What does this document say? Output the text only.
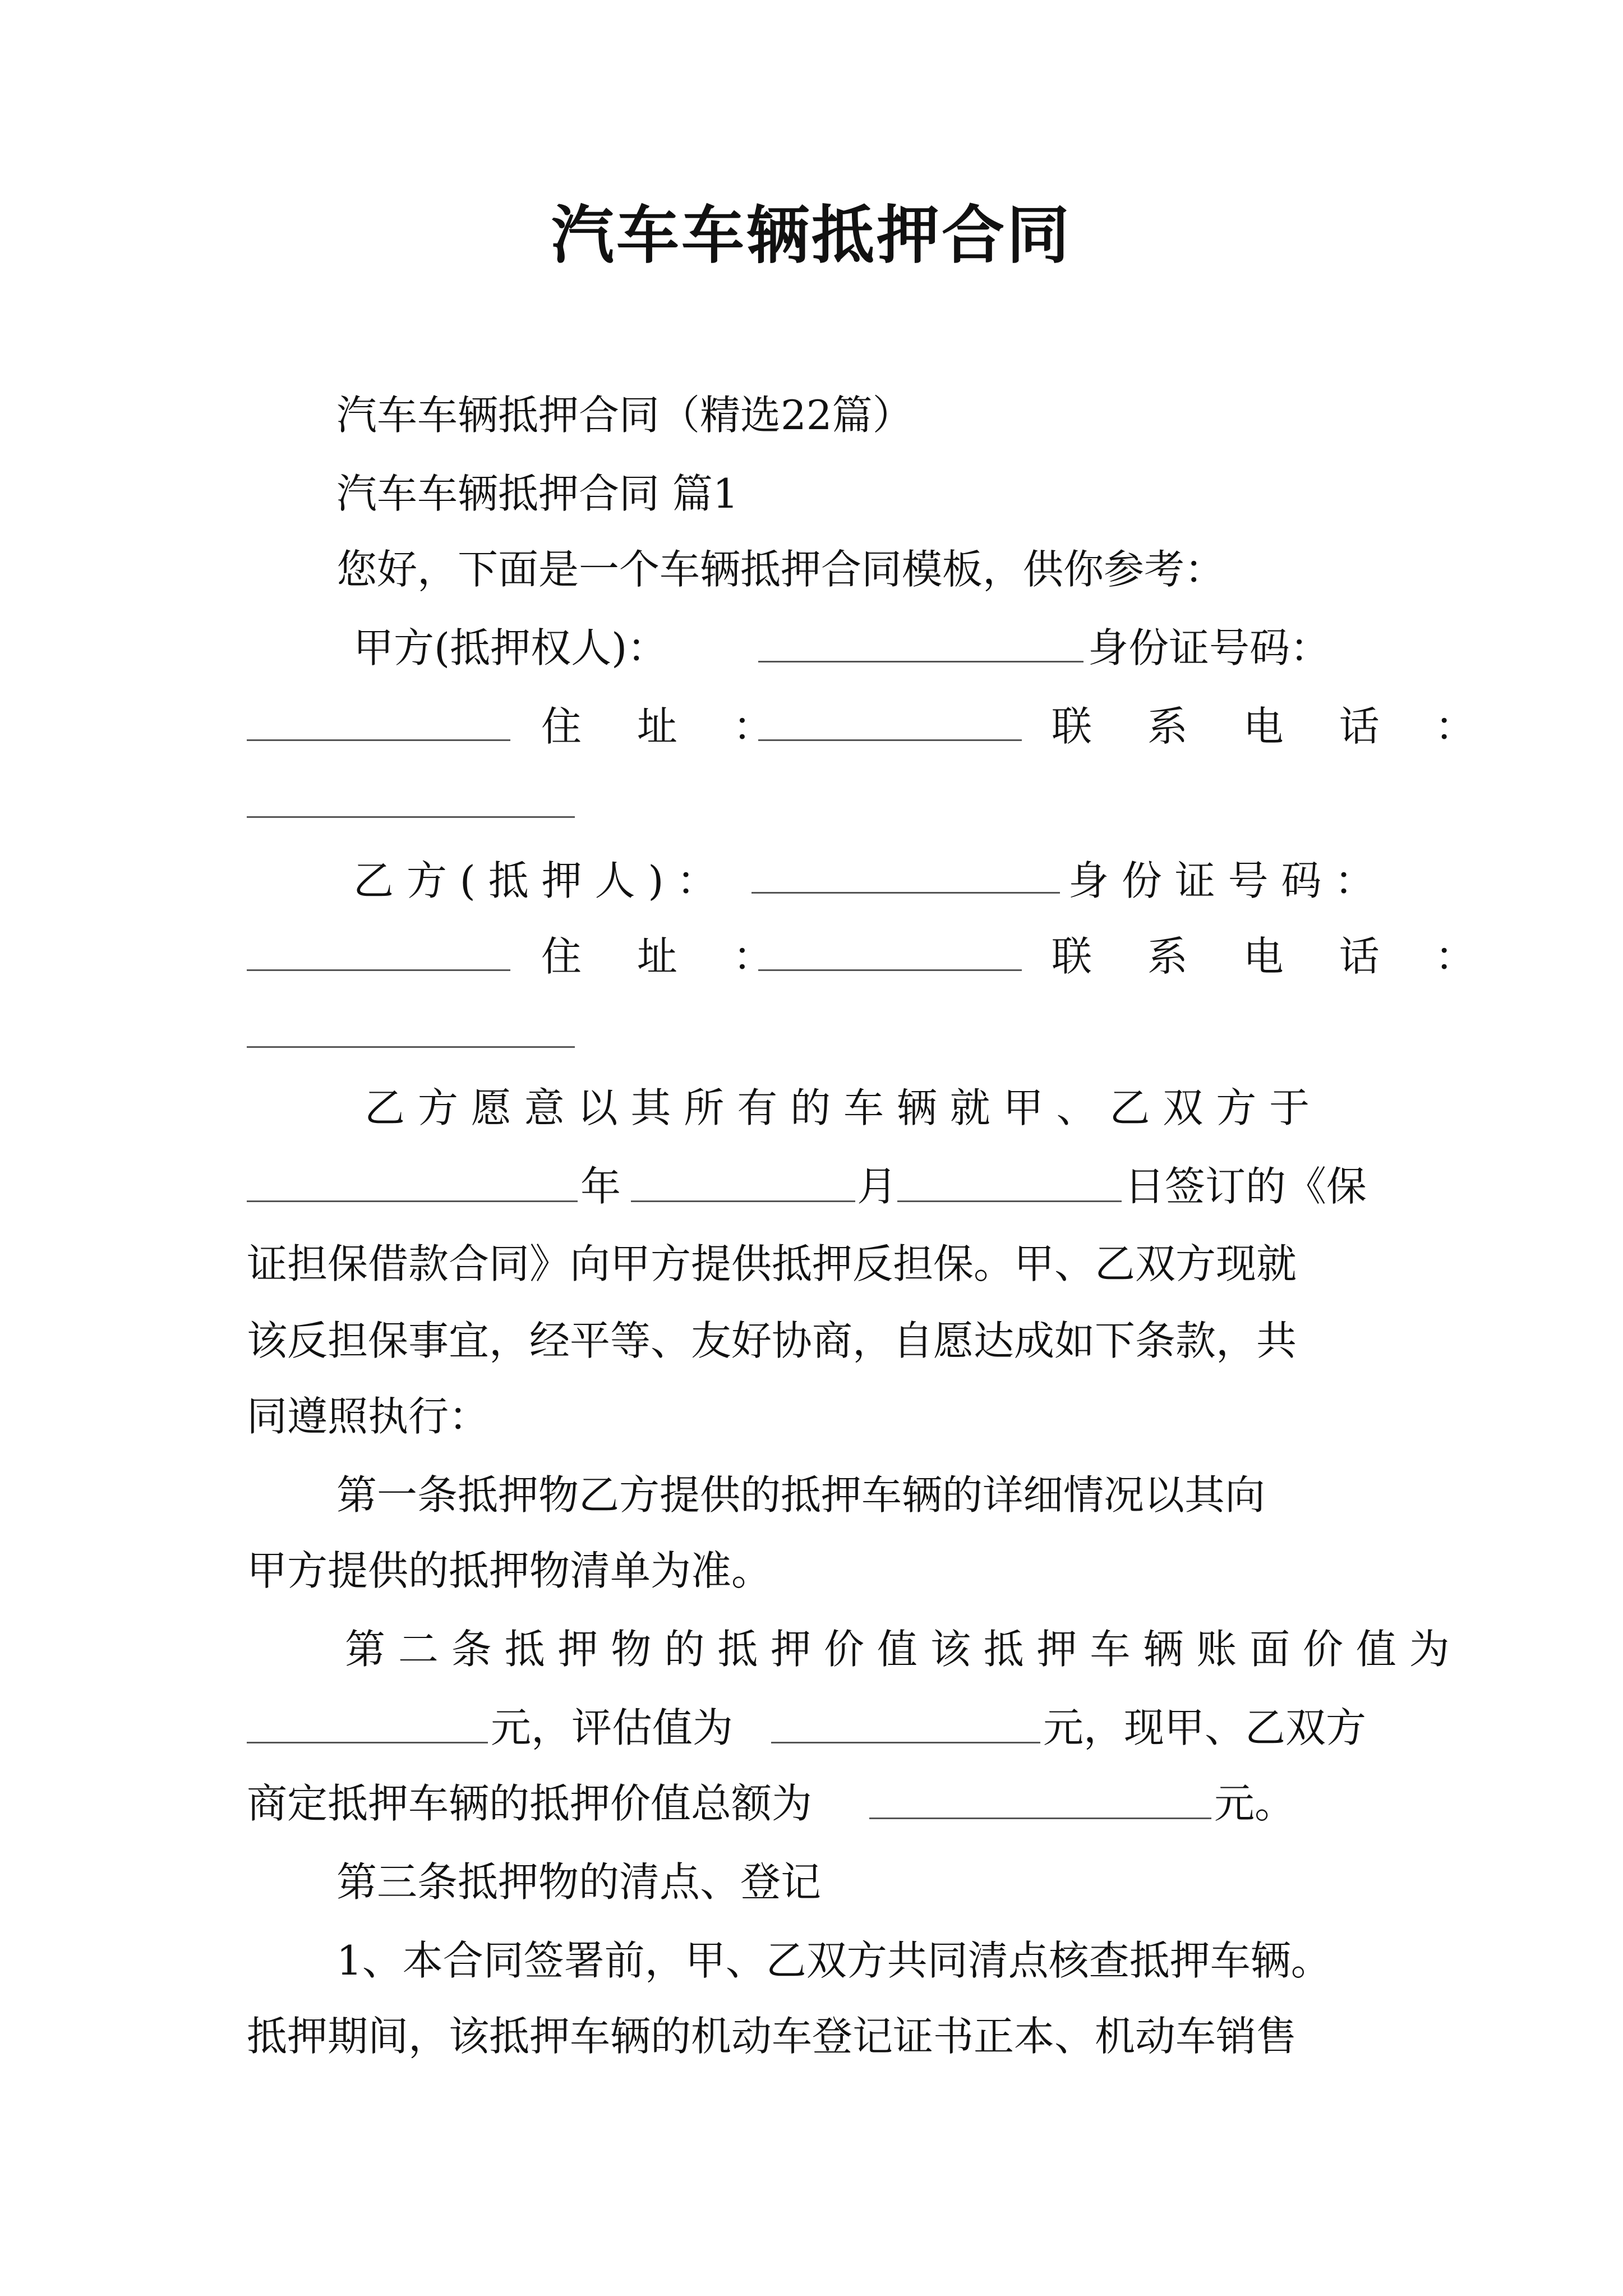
汽车车辆抵押合同
汽车车辆抵押合同（精选22篇）
汽车车辆抵押合同 篇1
您好，下面是一个车辆抵押合同模板，供你参考：
甲方(抵押权人)：	身份证号码：
住 址 ：	联 系 电 话 ：
乙 方 ( 抵 押 人 ) ：	身 份 证 号 码 ：
住 址 ：	联 系 电 话 ：
乙 方 愿 意 以 其 所 有 的 车 辆 就 甲 、 乙 双 方 于
年	月	日签订的《保
证担保借款合同》向甲方提供抵押反担保。甲、乙双方现就
该反担保事宜，经平等、友好协商，自愿达成如下条款，共
同遵照执行：
第一条抵押物乙方提供的抵押车辆的详细情况以其向
甲方提供的抵押物清单为准。
第 二 条 抵 押 物 的 抵 押 价 值 该 抵 押 车 辆 账 面 价 值 为
元，评估值为	元，现甲、乙双方
商定抵押车辆的抵押价值总额为	元。
第三条抵押物的清点、登记
1、本合同签署前，甲、乙双方共同清点核查抵押车辆。
抵押期间，该抵押车辆的机动车登记证书正本、机动车销售
